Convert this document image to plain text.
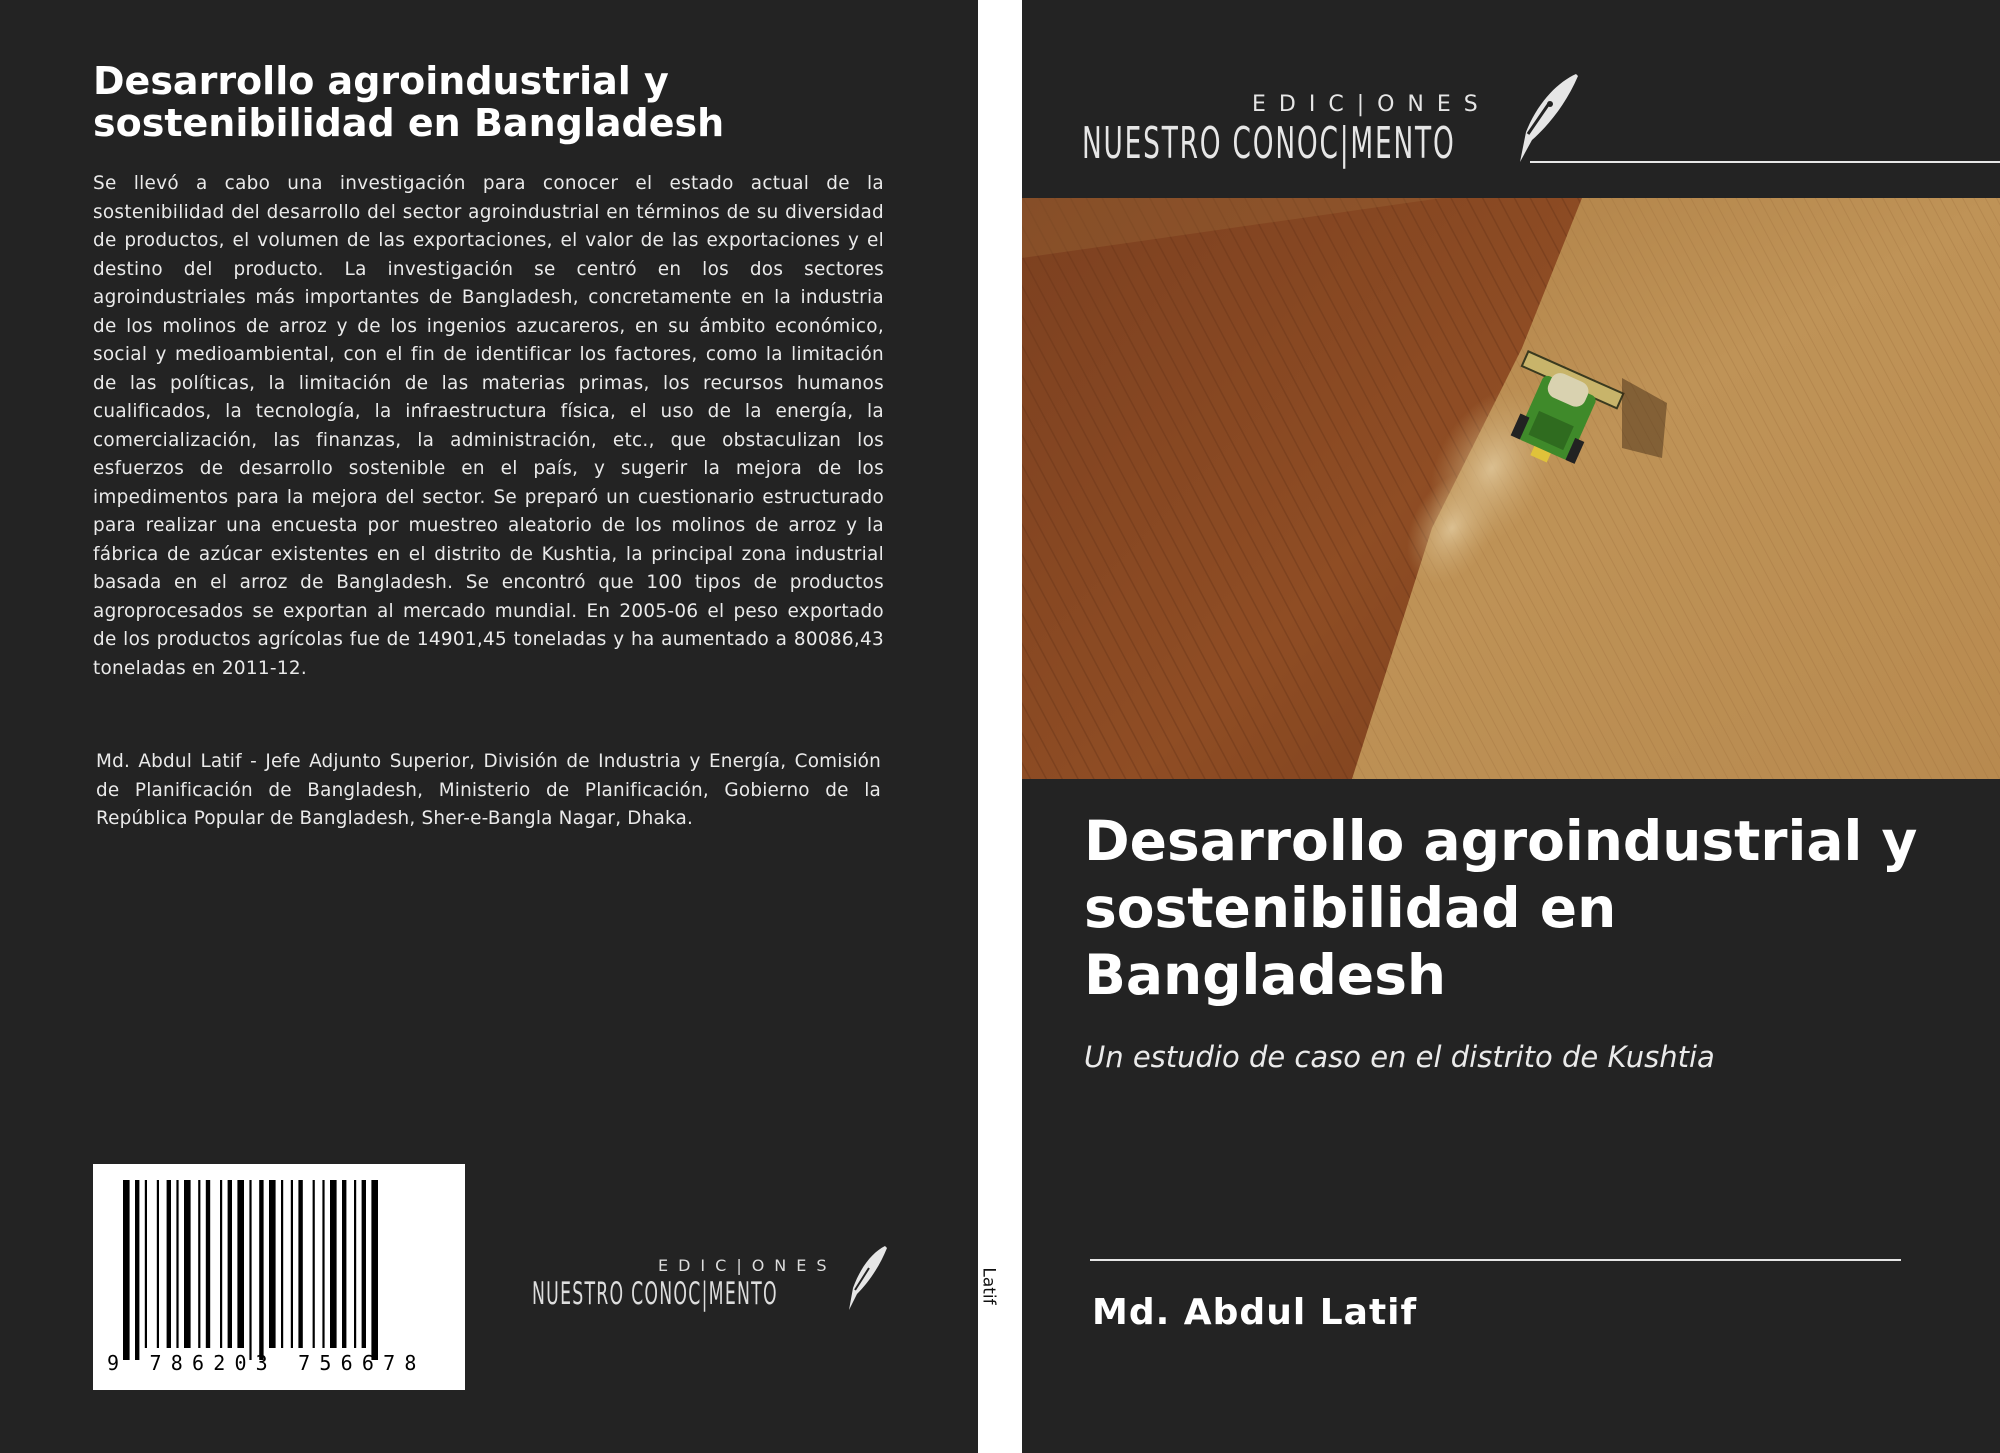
Desarrollo agroindustrial y sostenibilidad en Bangladesh

Se llevó a cabo una investigación para conocer el estado actual de la sostenibilidad del desarrollo del sector agroindustrial en términos de su diversidad de productos, el volumen de las exportaciones, el valor de las exportaciones y el destino del producto. La investigación se centró en los dos sectores agroindustriales más importantes de Bangladesh, concretamente en la industria de los molinos de arroz y de los ingenios azucareros, en su ámbito económico, social y medioambiental, con el fin de identificar los factores, como la limitación de las políticas, la limitación de las materias primas, los recursos humanos cualificados, la tecnología, la infraestructura física, el uso de la energía, la comercialización, las finanzas, la administración, etc., que obstaculizan los esfuerzos de desarrollo sostenible en el país, y sugerir la mejora de los impedimentos para la mejora del sector. Se preparó un cuestionario estructurado para realizar una encuesta por muestreo aleatorio de los molinos de arroz y la fábrica de azúcar existentes en el distrito de Kushtia, la principal zona industrial basada en el arroz de Bangladesh. Se encontró que 100 tipos de productos agroprocesados se exportan al mercado mundial. En 2005-06 el peso exportado de los productos agrícolas fue de 14901,45 toneladas y ha aumentado a 80086,43 toneladas en 2011-12.

Md. Abdul Latif - Jefe Adjunto Superior, División de Industria y Energía, Comisión de Planificación de Bangladesh, Ministerio de Planificación, Gobierno de la República Popular de Bangladesh, Sher-e-Bangla Nagar, Dhaka.

9 786203 756678
EDIC|ONES
NUESTRO CONOC|MENTO	Latif
EDIC|ONES
NUESTRO CONOC|MENTO
Desarrollo agroindustrial y sostenibilidad en Bangladesh

Un estudio de caso en el distrito de Kushtia

Md. Abdul Latif
